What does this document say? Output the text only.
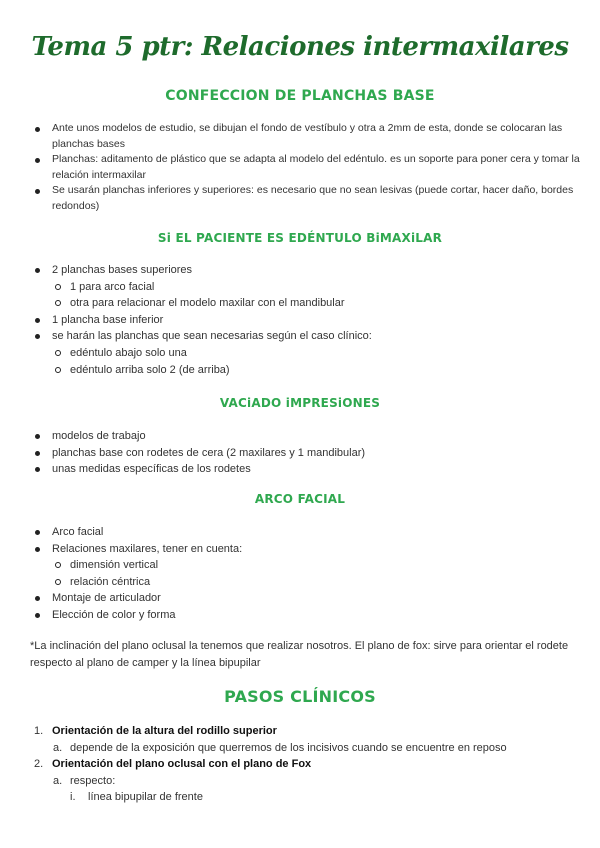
Tema 5 ptr: Relaciones intermaxilares
CONFECCION DE PLANCHAS BASE
Ante unos modelos de estudio, se dibujan el fondo de vestíbulo y otra a 2mm de esta, donde se colocaran las planchas bases
Planchas: aditamento de plástico que se adapta al modelo del edéntulo. es un soporte para poner cera y tomar la relación intermaxilar
Se usarán planchas inferiores y superiores: es necesario que no sean lesivas (puede cortar, hacer daño, bordes redondos)
Si EL PACIENTE ES EDÉNTULO BiMAXiLAR
2 planchas bases superiores
1 para arco facial
otra para relacionar el modelo maxilar con el mandibular
1 plancha base inferior
se harán las planchas que sean necesarias según el caso clínico:
edéntulo abajo solo una
edéntulo arriba solo 2 (de arriba)
VACiADO iMPRESiONES
modelos de trabajo
planchas base con rodetes de cera (2 maxilares y 1 mandibular)
unas medidas específicas de los rodetes
ARCO FACIAL
Arco facial
Relaciones maxilares, tener en cuenta:
dimensión vertical
relación céntrica
Montaje de articulador
Elección de color y forma
*La inclinación del plano oclusal la tenemos que realizar nosotros. El plano de fox: sirve para orientar el rodete respecto al plano de camper y la línea bipupilar
PASOS CLÍNICOS
1. Orientación de la altura del rodillo superior
a. depende de la exposición que querremos de los incisivos cuando se encuentre en reposo
2. Orientación del plano oclusal con el plano de Fox
a. respecto:
i. línea bipupilar de frente
